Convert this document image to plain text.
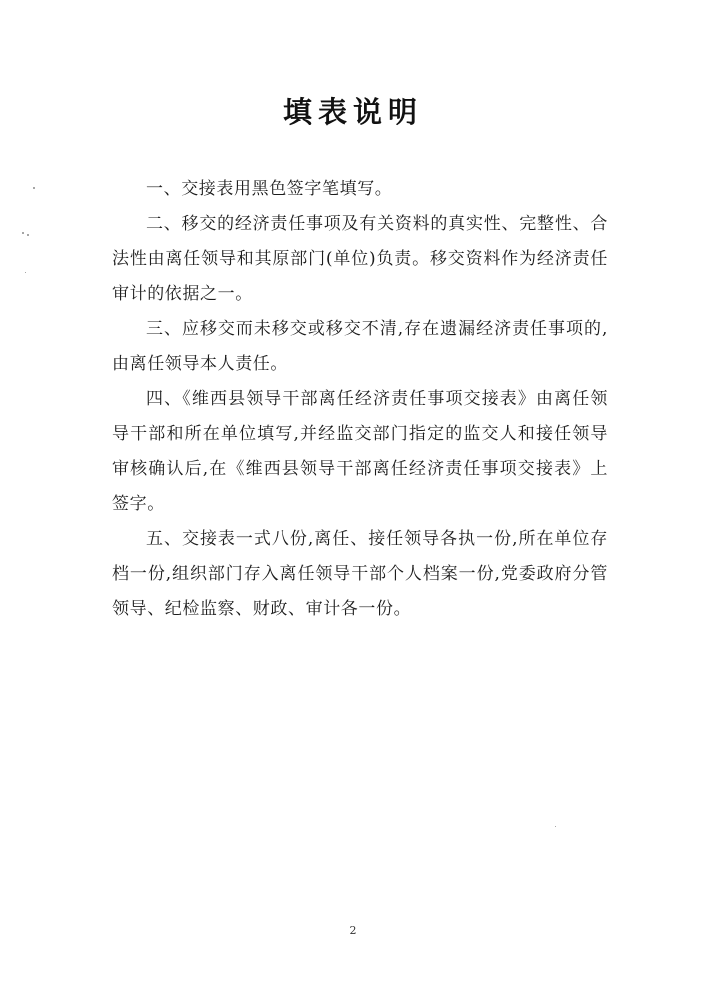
填表说明

一、交接表用黑色签字笔填写。

二、移交的经济责任事项及有关资料的真实性、完整性、合法性由离任领导和其原部门(单位)负责。移交资料作为经济责任审计的依据之一。

三、应移交而未移交或移交不清,存在遗漏经济责任事项的,由离任领导本人责任。

四、《维西县领导干部离任经济责任事项交接表》由离任领导干部和所在单位填写,并经监交部门指定的监交人和接任领导审核确认后,在《维西县领导干部离任经济责任事项交接表》上签字。

五、交接表一式八份,离任、接任领导各执一份,所在单位存档一份,组织部门存入离任领导干部个人档案一份,党委政府分管领导、纪检监察、财政、审计各一份。

2
